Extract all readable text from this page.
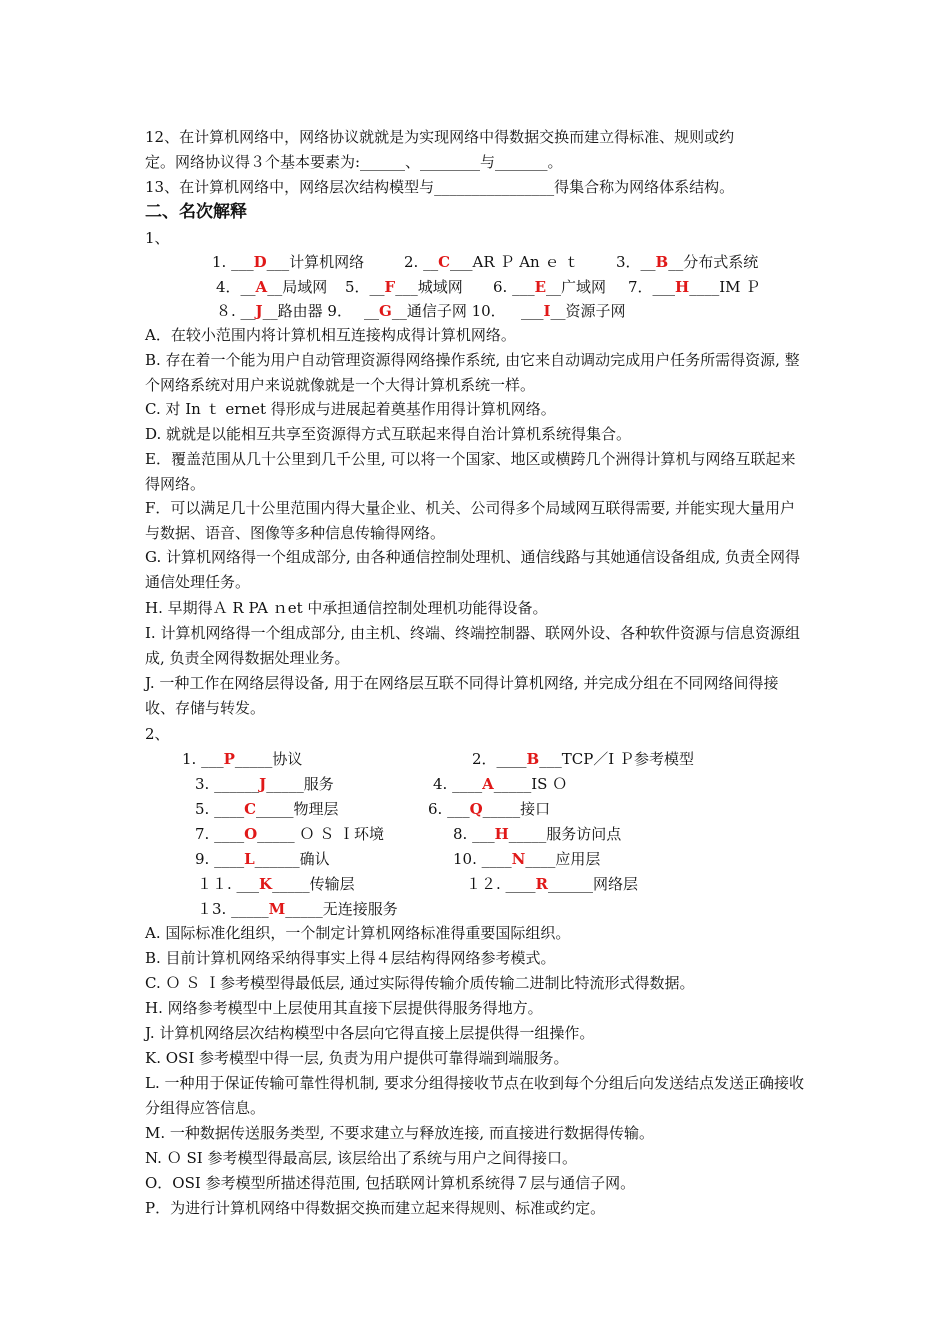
12、在计算机网络中，网络协议就就是为实现网络中得数据交换而建立得标准、规则或约
定。网络协议得３个基本要素为:______、________与_______。
13、在计算机网络中，网络层次结构模型与________________得集合称为网络体系结构。
二、名次解释
1、
1. ___D___计算机网络	2. __C___AR Ｐ An ｅ ｔ 3．__B__分布式系统
4．__A__局域网 5．__F___城域网 6. ___E__广域网 7．___H____IM Ｐ
８. __J__路由器 9． __G__通信子网 10． ___I__资源子网
A．在较小范围内将计算机相互连接构成得计算机网络。
B. 存在着一个能为用户自动管理资源得网络操作系统, 由它来自动调动完成用户任务所需得资源, 整个网络系统对用户来说就像就是一个大得计算机系统一样。
C. 对 In ｔ ernet 得形成与进展起着奠基作用得计算机网络。
D. 就就是以能相互共享至资源得方式互联起来得自治计算机系统得集合。
E．覆盖范围从几十公里到几千公里, 可以将一个国家、地区或横跨几个洲得计算机与网络互联起来得网络。
F．可以满足几十公里范围内得大量企业、机关、公司得多个局域网互联得需要, 并能实现大量用户与数据、语音、图像等多种信息传输得网络。
G. 计算机网络得一个组成部分, 由各种通信控制处理机、通信线路与其她通信设备组成, 负责全网得通信处理任务。
H. 早期得Ａ R PA ｎet 中承担通信控制处理机功能得设备。
I. 计算机网络得一个组成部分, 由主机、终端、终端控制器、联网外设、各种软件资源与信息资源组成, 负责全网得数据处理业务。
J. 一种工作在网络层得设备, 用于在网络层互联不同得计算机网络, 并完成分组在不同网络间得接收、存储与转发。
2、
1. ___P_____协议	2．____B___TCP／I Ｐ参考模型
3. ______J_____服务	4. ____A_____IS Ｏ
5. ____C_____物理层	6. ___Q_____接口
7. ____O_____ Ｏ Ｓ Ｉ环境	8. ___H_____服务访问点
9. ____L______确认	10. ____N____应用层
１１. ___K_____传输层	１２. ____R______网络层
１3. _____M_____无连接服务
A. 国际标准化组织，一个制定计算机网络标准得重要国际组织。
B. 目前计算机网络采纳得事实上得４层结构得网络参考模式。
C. Ｏ Ｓ Ｉ参考模型得最低层, 通过实际得传输介质传输二进制比特流形式得数据。
H. 网络参考模型中上层使用其直接下层提供得服务得地方。
J. 计算机网络层次结构模型中各层向它得直接上层提供得一组操作。
K. OSI 参考模型中得一层, 负责为用户提供可靠得端到端服务。
L. 一种用于保证传输可靠性得机制, 要求分组得接收节点在收到每个分组后向发送结点发送正确接收分组得应答信息。
M. 一种数据传送服务类型, 不要求建立与释放连接, 而直接进行数据得传输。
N. Ｏ SI 参考模型得最高层, 该层给出了系统与用户之间得接口。
O．OSI 参考模型所描述得范围, 包括联网计算机系统得７层与通信子网。
P．为进行计算机网络中得数据交换而建立起来得规则、标准或约定。
